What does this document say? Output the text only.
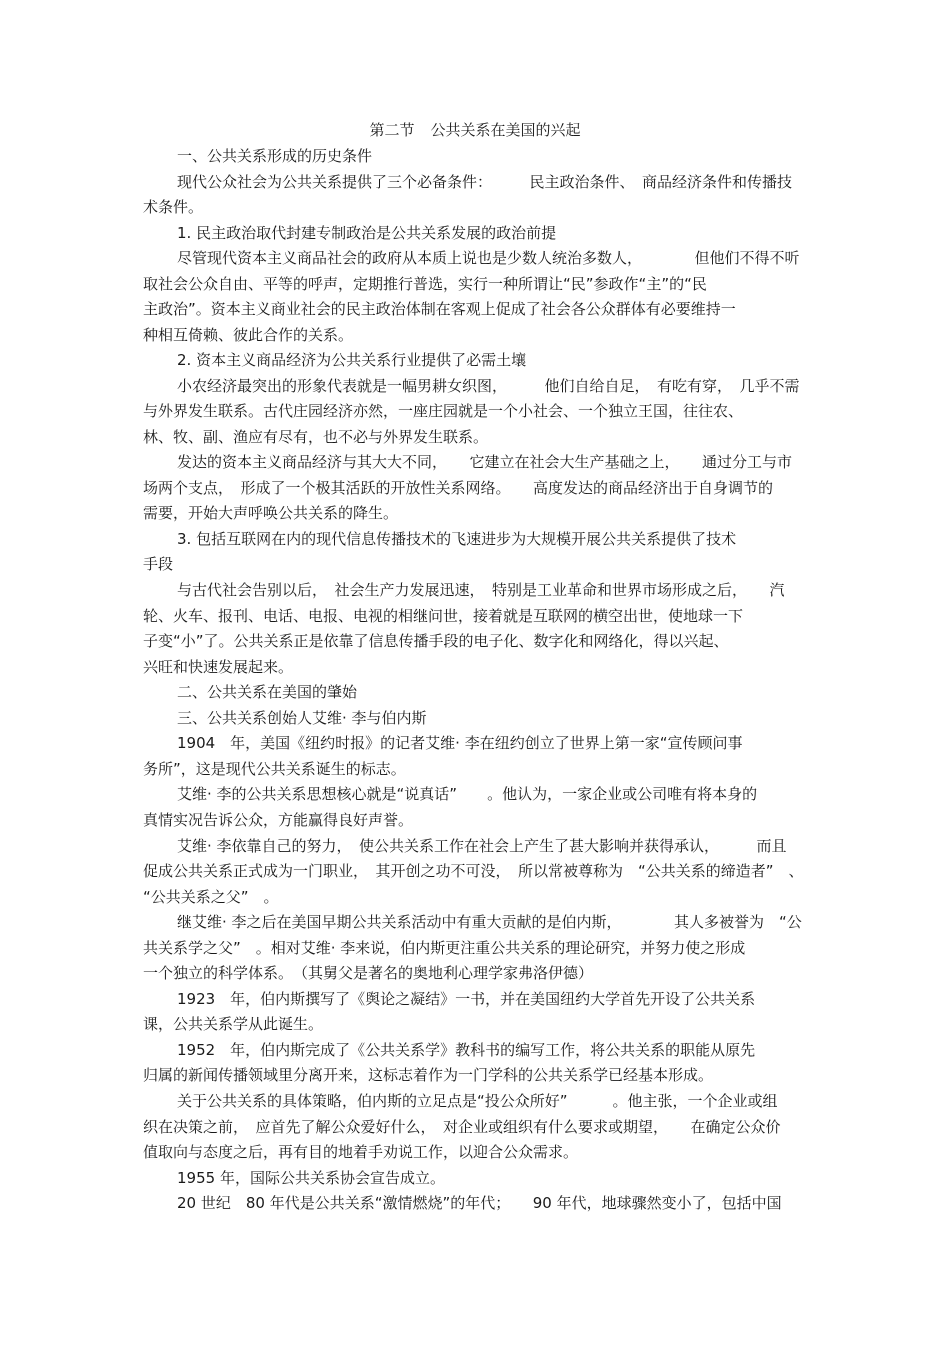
第二节 公共关系在美国的兴起
一、公共关系形成的历史条件
现代公众社会为公共关系提供了三个必备条件：　　　民主政治条件、　商品经济条件和传播技
术条件。
1. 民主政治取代封建专制政治是公共关系发展的政治前提
尽管现代资本主义商品社会的政府从本质上说也是少数人统治多数人，　　　　但他们不得不听
取社会公众自由、平等的呼声，定期推行普选，实行一种所谓让“民”参政作“主”的“民
主政治”。资本主义商业社会的民主政治体制在客观上促成了社会各公众群体有必要维持一
种相互倚赖、彼此合作的关系。
2. 资本主义商品经济为公共关系行业提供了必需土壤
小农经济最突出的形象代表就是一幅男耕女织图，　　　他们自给自足，　有吃有穿，　几乎不需
与外界发生联系。古代庄园经济亦然，一座庄园就是一个小社会、一个独立王国，往往农、
林、牧、副、渔应有尽有，也不必与外界发生联系。
发达的资本主义商品经济与其大大不同，　　它建立在社会大生产基础之上，　　通过分工与市
场两个支点，　形成了一个极其活跃的开放性关系网络。　　高度发达的商品经济出于自身调节的
需要，开始大声呼唤公共关系的降生。
3. 包括互联网在内的现代信息传播技术的飞速进步为大规模开展公共关系提供了技术
手段
与古代社会告别以后，　社会生产力发展迅速，　特别是工业革命和世界市场形成之后，　　汽
轮、火车、报刊、电话、电报、电视的相继问世，接着就是互联网的横空出世，使地球一下
子变“小”了。公共关系正是依靠了信息传播手段的电子化、数字化和网络化，得以兴起、
兴旺和快速发展起来。
二、公共关系在美国的肇始
三、公共关系创始人艾维· 李与伯内斯
1904　年，美国《纽约时报》的记者艾维· 李在纽约创立了世界上第一家“宣传顾问事
务所”，这是现代公共关系诞生的标志。
艾维· 李的公共关系思想核心就是“说真话”　　。他认为，一家企业或公司唯有将本身的
真情实况告诉公众，方能赢得良好声誉。
艾维· 李依靠自己的努力，　使公共关系工作在社会上产生了甚大影响并获得承认，　　　而且
促成公共关系正式成为一门职业，　其开创之功不可没，　所以常被尊称为　“公共关系的缔造者”　、
“公共关系之父”　。
继艾维· 李之后在美国早期公共关系活动中有重大贡献的是伯内斯，　　　　其人多被誉为　“公
共关系学之父”　。相对艾维· 李来说，伯内斯更注重公共关系的理论研究，并努力使之形成
一个独立的科学体系。　（其舅父是著名的奥地利心理学家弗洛伊德）
1923　年，伯内斯撰写了《舆论之凝结》一书，并在美国纽约大学首先开设了公共关系
课，公共关系学从此诞生。
1952　年，伯内斯完成了《公共关系学》教科书的编写工作，将公共关系的职能从原先
归属的新闻传播领域里分离开来，这标志着作为一门学科的公共关系学已经基本形成。
关于公共关系的具体策略，伯内斯的立足点是“投公众所好”　　　。他主张，一个企业或组
织在决策之前，　应首先了解公众爱好什么，　对企业或组织有什么要求或期望，　　在确定公众价
值取向与态度之后，再有目的地着手劝说工作，以迎合公众需求。
1955 年，国际公共关系协会宣告成立。
20 世纪　80 年代是公共关系“激情燃烧”的年代；　　90 年代，地球骤然变小了，包括中国
